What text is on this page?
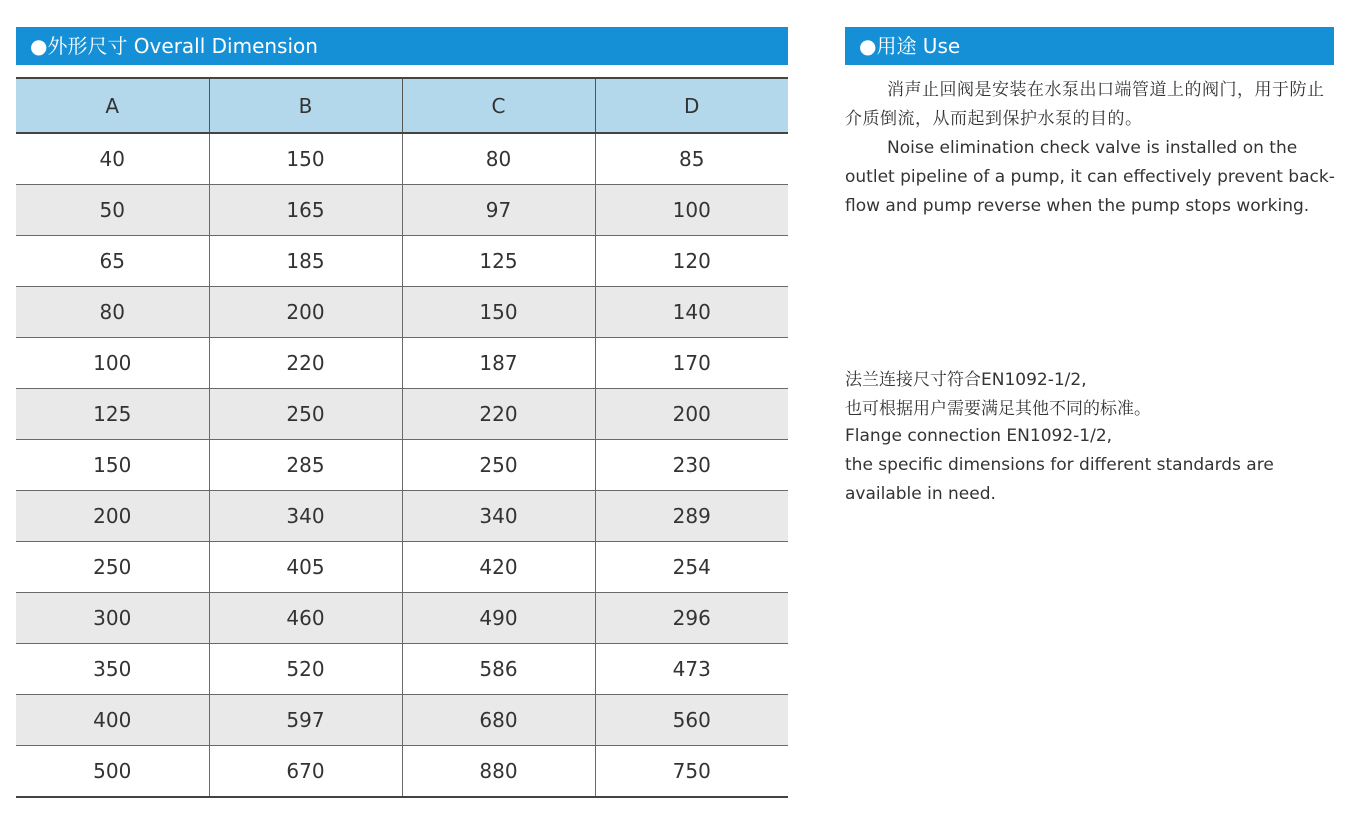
●外形尺寸 Overall Dimension
A	B	C	D
40	150	80	85
50	165	97	100
65	185	125	120
80	200	150	140
100	220	187	170
125	250	220	200
150	285	250	230
200	340	340	289
250	405	420	254
300	460	490	296
350	520	586	473
400	597	680	560
500	670	880	750
●用途 Use

消声止回阀是安装在水泵出口端管道上的阀门，用于防止介质倒流，从而起到保护水泵的目的。

Noise elimination check valve is installed on the outlet pipeline of a pump, it can effectively prevent back-flow and pump reverse when the pump stops working.

法兰连接尺寸符合EN1092-1/2,
也可根据用户需要满足其他不同的标准。
Flange connection EN1092-1/2,
the specific dimensions for different standards are
available in need.
